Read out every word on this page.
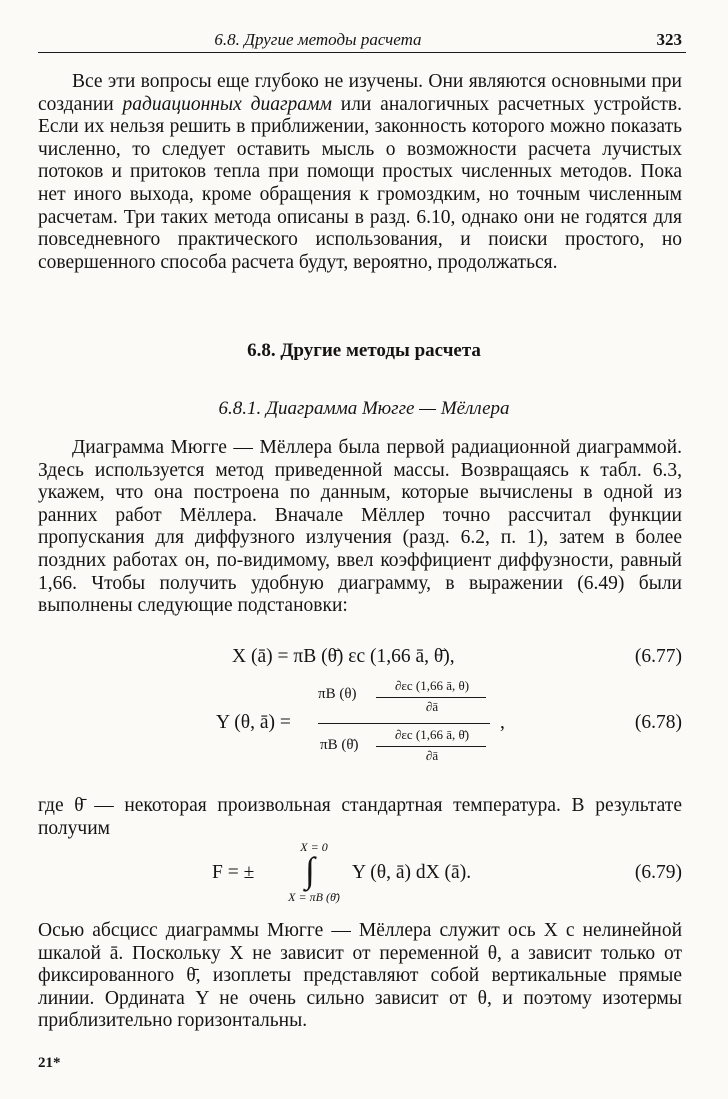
6.8. Другие методы расчета	323

Все эти вопросы еще глубоко не изучены. Они являются основными при создании радиационных диаграмм или аналогичных расчетных устройств. Если их нельзя решить в приближении, законность которого можно показать численно, то следует оставить мысль о возможности расчета лучистых потоков и притоков тепла при помощи простых численных методов. Пока нет иного выхода, кроме обращения к громоздким, но точным численным расчетам. Три таких метода описаны в разд. 6.10, однако они не годятся для повседневного практического использования, и поиски простого, но совершенного способа расчета будут, вероятно, продолжаться.

6.8. Другие методы расчета
6.8.1. Диаграмма Мюгге — Мёллера

Диаграмма Мюгге — Мёллера была первой радиационной диаграммой. Здесь используется метод приведенной массы. Возвращаясь к табл. 6.3, укажем, что она построена по данным, которые вычислены в одной из ранних работ Мёллера. Вначале Мёллер точно рассчитал функции пропускания для диффузного излучения (разд. 6.2, п. 1), затем в более поздних работах он, по-видимому, ввел коэффициент диффузности, равный 1,66. Чтобы получить удобную диаграмму, в выражении (6.49) были выполнены следующие подстановки:

X (ā) = πB (θ̄) εc (1,66 ā, θ̄),	(6.77)
Y (θ, ā) =
πB (θ)
∂εc (1,66 ā, θ)
∂ā
πB (θ̄)
∂εc (1,66 ā, θ̄)
∂ā
,	(6.78)

где θ̄ — некоторая произвольная стандартная температура. В результате получим

F = ±
X = 0
∫
X = πB (θ̄)
Y (θ, ā) dX (ā).	(6.79)

Осью абсцисс диаграммы Мюгге — Мёллера служит ось X с нелинейной шкалой ā. Поскольку X не зависит от переменной θ, а зависит только от фиксированного θ̄, изоплеты представляют собой вертикальные прямые линии. Ордината Y не очень сильно зависит от θ, и поэтому изотермы приблизительно горизонтальны.

21*
